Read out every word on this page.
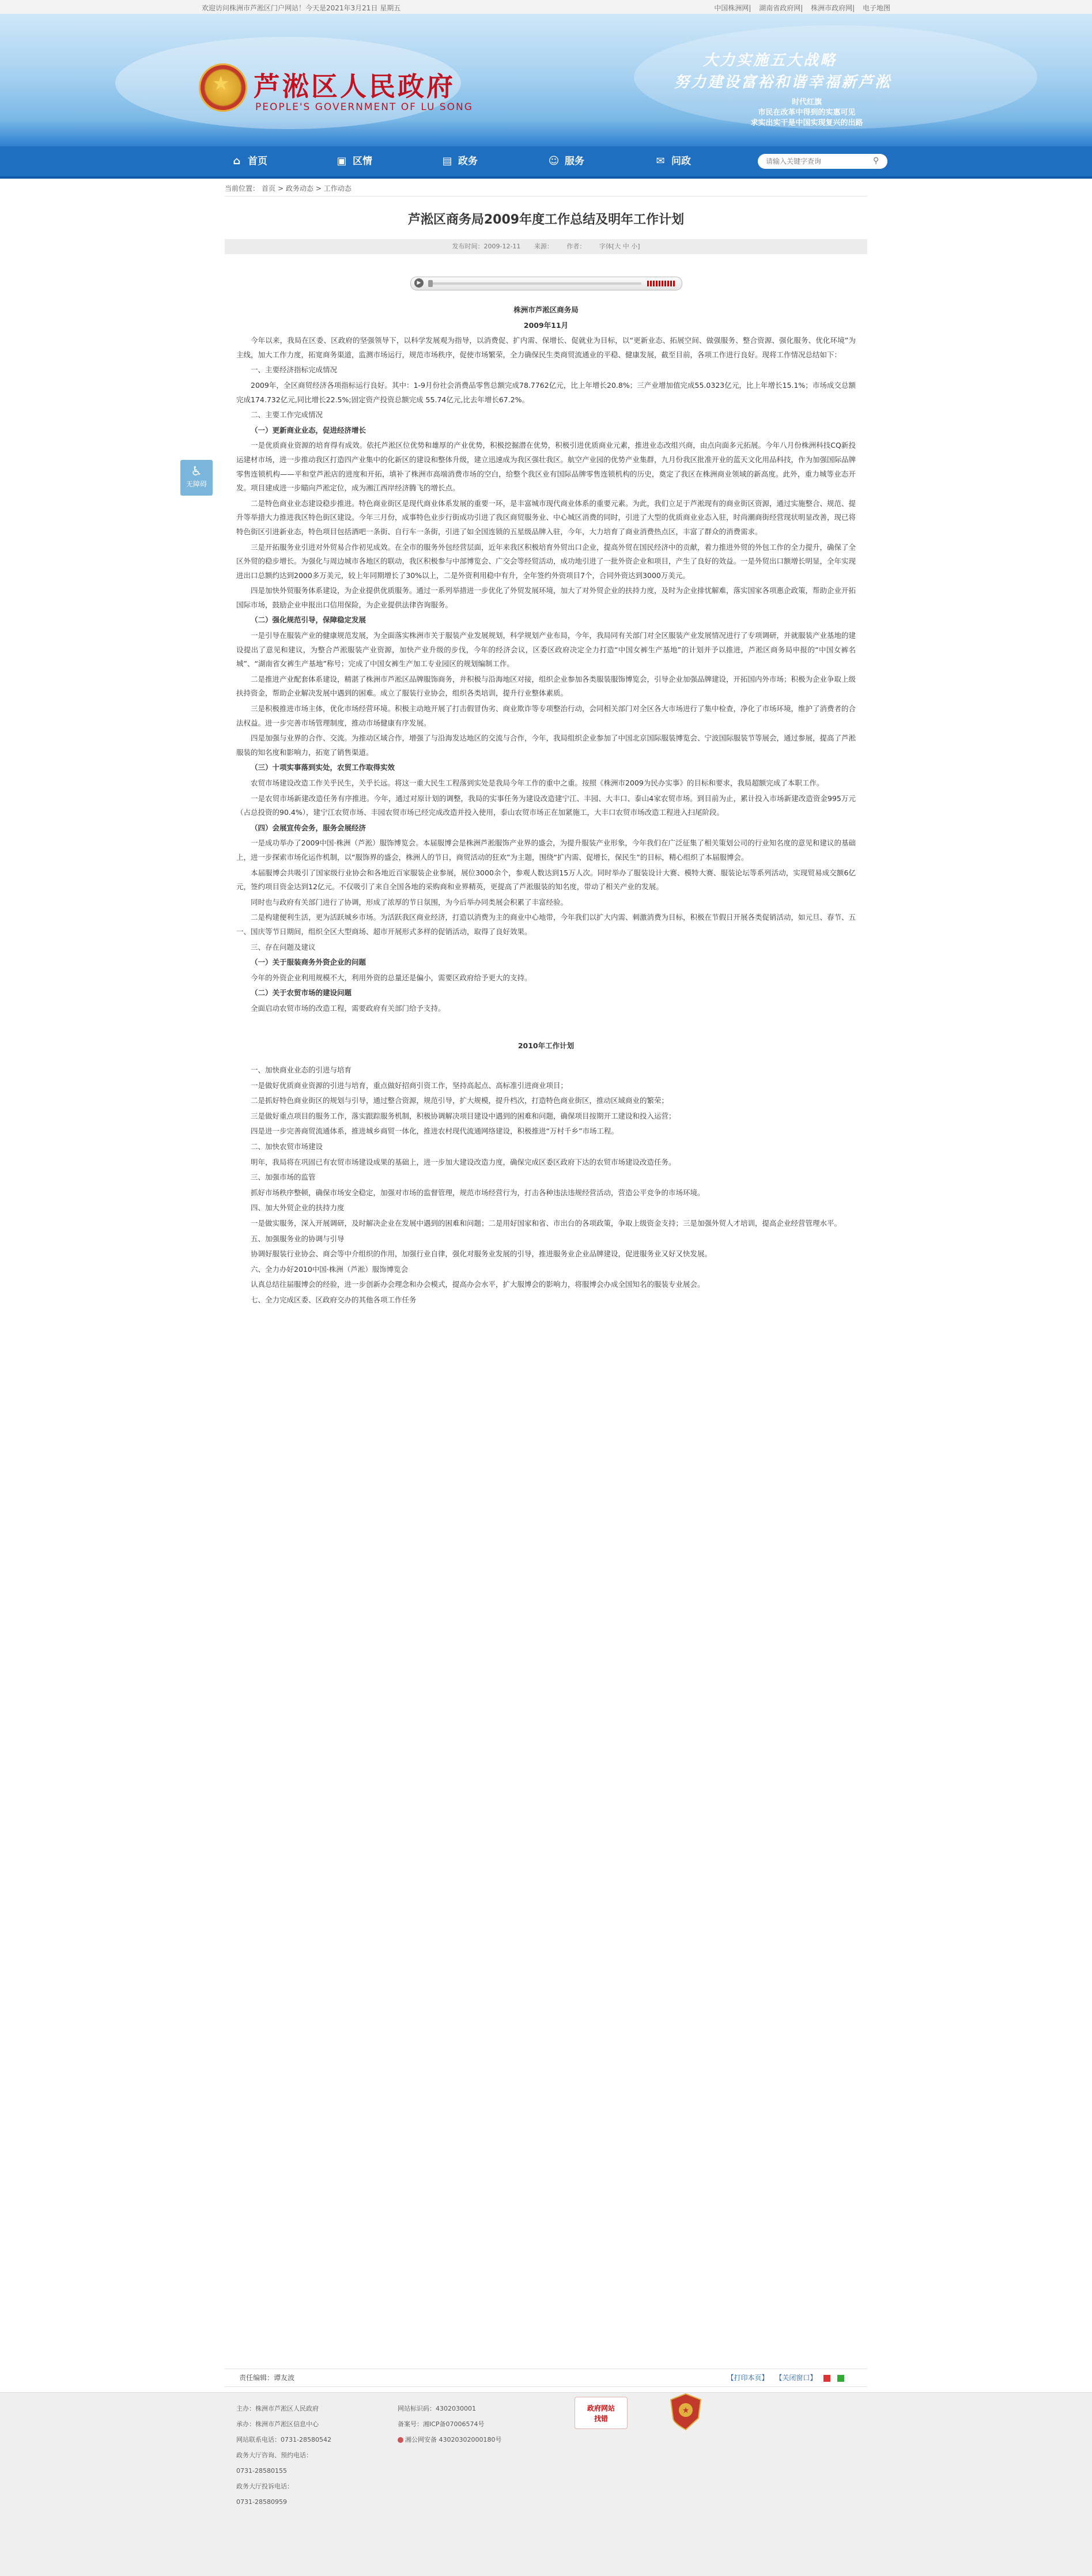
欢迎访问株洲市芦淞区门户网站！今天是2021年3月21日 星期五	中国株洲网| 湖南省政府网| 株洲市政府网| 电子地图
★ 芦淞区人民政府
PEOPLE'S GOVERNMENT OF LU SONG
大力实施五大战略
努力建设富裕和谐幸福新芦淞
时代红旗
市民在改革中得到的实惠可见
求实出实干是中国实现复兴的出路
⌂ 首页	▣ 区情	▤ 政务	☺ 服务	✉ 问政
请输入关键字查询	⚲
当前位置： 首页 > 政务动态 > 工作动态
♿
无障碍
芦淞区商务局2009年度工作总结及明年工作计划
发布时间：2009-12-11 来源： 作者： 字体[大 中 小]
▶

株洲市芦淞区商务局

2009年11月

今年以来，我局在区委、区政府的坚强领导下，以科学发展观为指导，以消费促、扩内需、保增长、促就业为目标，以“更新业态、拓展空间、做强服务、整合资源、强化服务、优化环境”为主线，加大工作力度，拓宽商务渠道，监测市场运行，规范市场秩序，促使市场繁荣，全力确保民生类商贸流通业的平稳、健康发展，截至目前，各项工作进行良好。现将工作情况总结如下：

一、主要经济指标完成情况

2009年，全区商贸经济各项指标运行良好。其中：1-9月份社会消费品零售总额完成78.7762亿元，比上年增长20.8%；三产业增加值完成55.0323亿元，比上年增长15.1%；市场成交总额完成174.732亿元,同比增长22.5%;固定资产投资总额完成 55.74亿元,比去年增长67.2%。

二、主要工作完成情况

（一）更新商业业态，促进经济增长

一是优质商业资源的培育得有成效。依托芦淞区位优势和雄厚的产业优势，积极挖掘潜在优势，积极引进优质商业元素，推进业态改组兴商，由点向面多元拓展。今年八月份株洲科技CQ新投运建材市场，进一步推动我区打造四产业集中的化新区的建设和整体升级，建立迅速成为我区强壮我区。航空产业园的优势产业集群，九月份我区批准开业的蓝天文化用品科技，作为加强国际品牌零售连锁机构——平和堂芦淞店的进度和开拓，填补了株洲市高端消费市场的空白，给整个我区业有国际品牌零售连锁机构的历史，奠定了我区在株洲商业领域的新高度。此外，重力城等业态开发。项目建成进一步瞄向芦淞定位，成为湘江西岸经济腾飞的增长点。

二是特色商业业态建设稳步推进。特色商业街区是现代商业体系发展的重要一环，是丰富城市现代商业体系的重要元素。为此，我们立足于芦淞现有的商业街区资源，通过实施整合、规范、提升等举措大力推进我区特色街区建设。今年三月份，成事特色业步行街成功引进了我区商贸服务业、中心城区消费的同时，引进了大型的优质商业业态入驻，时尚潮商街经营现状明显改善，现已将特色街区引进新业态，特色项目包括酒吧一条街、自行车一条街，引进了如全国连锁的五星级品牌入驻，今年，大力培育了商业消费热点区，丰富了群众的消费需求。

三是开拓服务业引进对外贸易合作初见成效。在全市的服务外包经营层面，近年来我区积极培育外贸出口企业，提高外贸在国民经济中的贡献，着力推进外贸的外包工作的全力提升，确保了全区外贸的稳步增长。为强化与周边城市各地区的联动，我区积极参与中部博览会、广交会等经贸活动，成功地引进了一批外资企业和项目，产生了良好的效益。一是外贸出口额增长明显，全年实现进出口总额约达到2000多万美元，较上年同期增长了30%以上，二是外资利用稳中有升，全年签约外资项目7个，合同外资达到3000万美元。

四是加快外贸服务体系建设，为企业提供优质服务。通过一系列举措进一步优化了外贸发展环境，加大了对外贸企业的扶持力度，及时为企业排忧解难，落实国家各项惠企政策，帮助企业开拓国际市场，鼓励企业申报出口信用保险，为企业提供法律咨询服务。

（二）强化规范引导，保障稳定发展

一是引导在服装产业的健康规范发展，为全面落实株洲市关于服装产业发展规划，科学规划产业布局，今年，我局同有关部门对全区服装产业发展情况进行了专项调研，并就服装产业基地的建设提出了意见和建议，为整合芦淞服装产业资源，加快产业升级的步伐，今年的经济会议，区委区政府决定全力打造“中国女裤生产基地”的计划并予以推进，芦淞区商务局申报的“中国女裤名城”、“湖南省女裤生产基地”称号；完成了中国女裤生产加工专业园区的规划编制工作。

二是推进产业配套体系建设，精湛了株洲市芦淞区品牌服饰商务，并积极与沿海地区对接，组织企业参加各类服装服饰博览会，引导企业加强品牌建设，开拓国内外市场；积极为企业争取上级扶持资金，帮助企业解决发展中遇到的困难。成立了服装行业协会，组织各类培训，提升行业整体素质。

三是积极推进市场主体，优化市场经营环境。积极主动地开展了打击假冒伪劣、商业欺诈等专项整治行动，会同相关部门对全区各大市场进行了集中检查，净化了市场环境，维护了消费者的合法权益。进一步完善市场管理制度，推动市场健康有序发展。

四是加强与业界的合作、交流。为推动区域合作，增强了与沿海发达地区的交流与合作，今年，我局组织企业参加了中国北京国际服装博览会、宁波国际服装节等展会，通过参展，提高了芦淞服装的知名度和影响力，拓宽了销售渠道。

（三）十项实事落到实处，农贸工作取得实效

农贸市场建设改造工作关乎民生，关乎长远。将这一重大民生工程落到实处是我局今年工作的重中之重。按照《株洲市2009为民办实事》的目标和要求，我局超额完成了本职工作。

一是农贸市场新建改造任务有序推进。今年，通过对原计划的调整，我局的实事任务为建设改造建宁江、丰园、大丰口、泰山4家农贸市场。到目前为止，累计投入市场新建改造资金995万元（占总投资的90.4%），建宁江农贸市场、丰园农贸市场已经完成改造并投入使用，泰山农贸市场正在加紧施工，大丰口农贸市场改造工程进入扫尾阶段。

（四）会展宣传会务，服务会展经济

一是成功举办了2009中国·株洲（芦淞）服饰博览会。本届服博会是株洲芦淞服饰产业界的盛会，为提升服装产业形象，今年我们在广泛征集了相关策划公司的行业知名度的意见和建议的基础上，进一步探索市场化运作机制，以“服饰界的盛会，株洲人的节日，商贸活动的狂欢”为主题，围绕“扩内需、促增长，保民生”的目标，精心组织了本届服博会。

本届服博会共吸引了国家级行业协会和各地近百家服装企业参展，展位3000余个，参观人数达到15万人次。同时举办了服装设计大赛、模特大赛、服装论坛等系列活动，实现贸易成交额6亿元，签约项目资金达到12亿元。不仅吸引了来自全国各地的采购商和业界精英，更提高了芦淞服装的知名度，带动了相关产业的发展。

同时也与政府有关部门进行了协调，形成了浓厚的节日氛围，为今后举办同类展会积累了丰富经验。

二是构建便利生活，更为活跃城乡市场。为活跃我区商业经济，打造以消费为主的商业中心地带，今年我们以扩大内需、刺激消费为目标，积极在节假日开展各类促销活动，如元旦、春节、五一、国庆等节日期间，组织全区大型商场、超市开展形式多样的促销活动，取得了良好效果。

三、存在问题及建议

（一）关于服装商务外资企业的问题

今年的外资企业利用规模不大，利用外资的总量还是偏小，需要区政府给予更大的支持。

（二）关于农贸市场的建设问题

全面启动农贸市场的改造工程，需要政府有关部门给予支持。

2010年工作计划

一、加快商业业态的引进与培育

一是做好优质商业资源的引进与培育，重点做好招商引资工作，坚持高起点、高标准引进商业项目；

二是抓好特色商业街区的规划与引导，通过整合资源，规范引导，扩大规模，提升档次，打造特色商业街区，推动区域商业的繁荣；

三是做好重点项目的服务工作，落实跟踪服务机制，积极协调解决项目建设中遇到的困难和问题，确保项目按期开工建设和投入运营；

四是进一步完善商贸流通体系，推进城乡商贸一体化，推进农村现代流通网络建设，积极推进“万村千乡”市场工程。

二、加快农贸市场建设

明年，我局将在巩固已有农贸市场建设成果的基础上，进一步加大建设改造力度，确保完成区委区政府下达的农贸市场建设改造任务。

三、加强市场的监管

抓好市场秩序整顿，确保市场安全稳定，加强对市场的监督管理，规范市场经营行为，打击各种违法违规经营活动，营造公平竞争的市场环境。

四、加大外贸企业的扶持力度

一是做实服务，深入开展调研，及时解决企业在发展中遇到的困难和问题；二是用好国家和省、市出台的各项政策，争取上级资金支持；三是加强外贸人才培训，提高企业经营管理水平。

五、加强服务业的协调与引导

协调好服装行业协会、商会等中介组织的作用，加强行业自律，强化对服务业发展的引导，推进服务业企业品牌建设，促进服务业又好又快发展。

六、全力办好2010中国·株洲（芦淞）服饰博览会

认真总结往届服博会的经验，进一步创新办会理念和办会模式，提高办会水平，扩大服博会的影响力，将服博会办成全国知名的服装专业展会。

七、全力完成区委、区政府交办的其他各项工作任务

责任编辑：谭友波	【打印本页】 【关闭窗口】
主办：株洲市芦淞区人民政府
承办：株洲市芦淞区信息中心
网站联系电话：0731-28580542
政务大厅咨询、预约电话：
0731-28580155
政务大厅投诉电话：
0731-28580959
网站标识码：4302030001
备案号：湘ICP备07006574号
湘公网安备 43020302000180号
政府网站
找错
★
